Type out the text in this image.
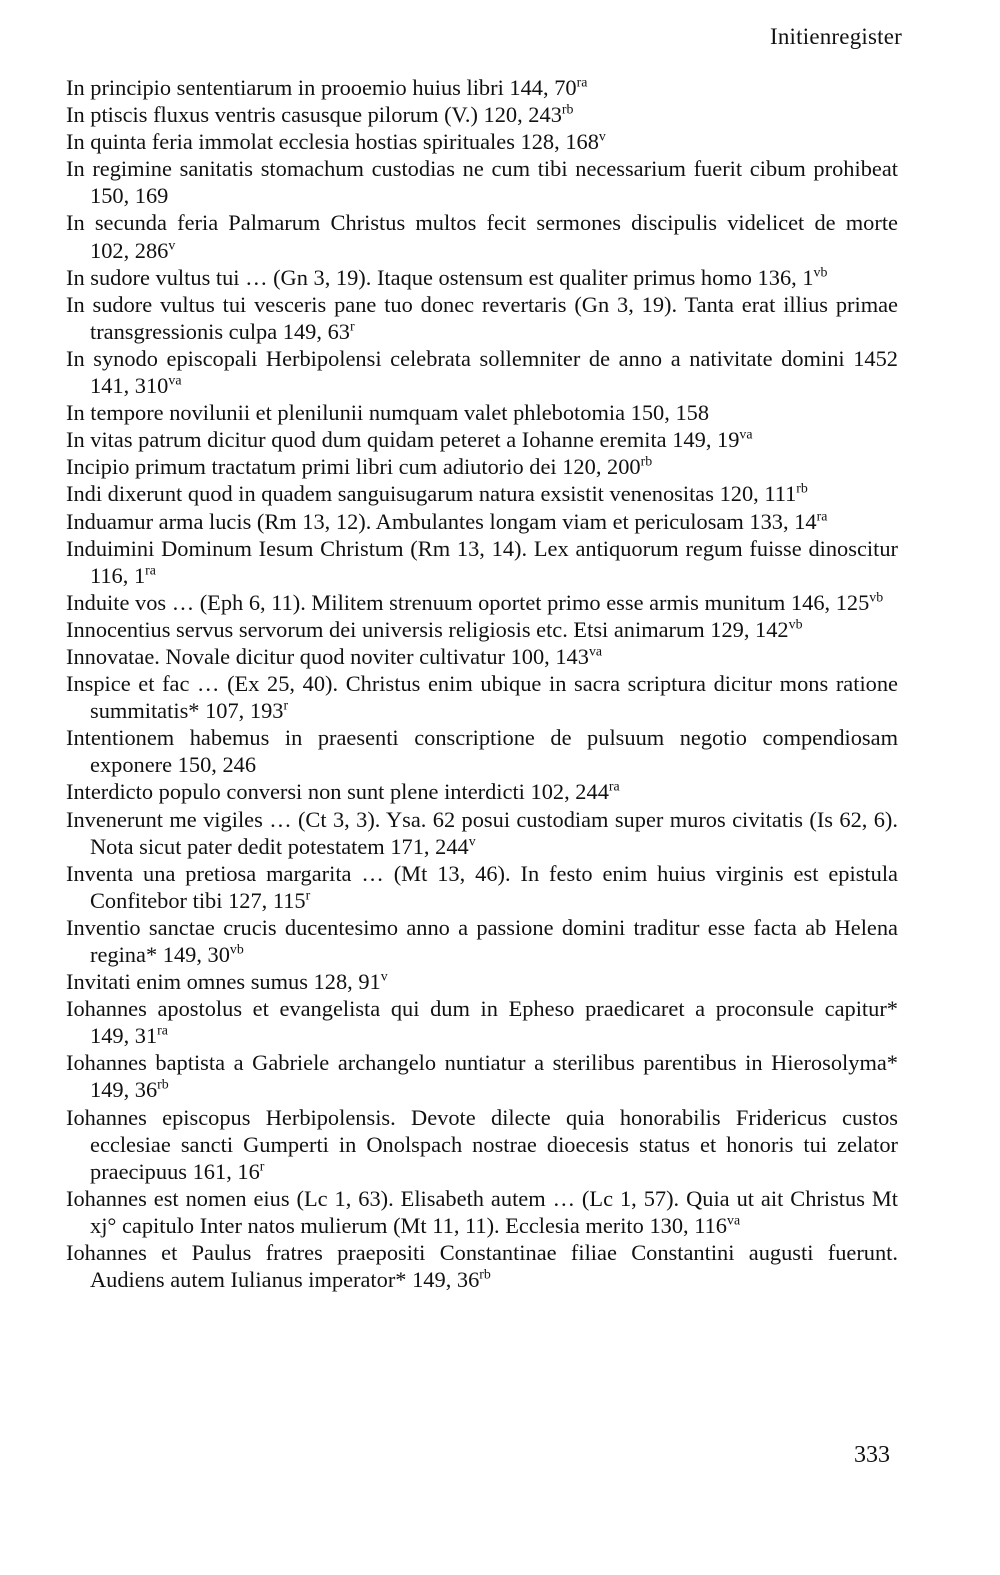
Initienregister
In principio sententiarum in prooemio huius libri 144, $70^{ra}$
In ptiscis fluxus ventris casusque pilorum (V.) 120, $243^{rb}$
In quinta feria immolat ecclesia hostias spirituales 128, 168$^v$
In regimine sanitatis stomachum custodias ne cum tibi necessarium fuerit cibum prohibeat 150, 169
In secunda feria Palmarum Christus multos fecit sermones discipulis videlicet de morte 102, 286$^v$
In sudore vultus tui … (Gn 3, 19). Itaque ostensum est qualiter primus homo 136, $1^{vb}$
In sudore vultus tui vesceris pane tuo donec revertaris (Gn 3, 19). Tanta erat illius primae transgressionis culpa 149, 63$^r$
In synodo episcopali Herbipolensi celebrata sollemniter de anno a nativitate domini 1452 141, $310^{va}$
In tempore novilunii et plenilunii numquam valet phlebotomia 150, 158
In vitas patrum dicitur quod dum quidam peteret a Iohanne eremita 149, $19^{va}$
Incipio primum tractatum primi libri cum adiutorio dei 120, $200^{rb}$
Indi dixerunt quod in quadem sanguisugarum natura exsistit venenositas 120, $111^{rb}$
Induamur arma lucis (Rm 13, 12). Ambulantes longam viam et periculosam 133, $14^{ra}$
Induimini Dominum Iesum Christum (Rm 13, 14). Lex antiquorum regum fuisse dinoscitur 116, $1^{ra}$
Induite vos … (Eph 6, 11). Militem strenuum oportet primo esse armis munitum 146, $125^{vb}$
Innocentius servus servorum dei universis religiosis etc. Etsi animarum 129, $142^{vb}$
Innovatae. Novale dicitur quod noviter cultivatur 100, $143^{va}$
Inspice et fac … (Ex 25, 40). Christus enim ubique in sacra scriptura dicitur mons ratione summitatis* 107, 193$^r$
Intentionem habemus in praesenti conscriptione de pulsuum negotio compendiosam exponere 150, 246
Interdicto populo conversi non sunt plene interdicti 102, $244^{ra}$
Invenerunt me vigiles … (Ct 3, 3). Ysa. 62 posui custodiam super muros civitatis (Is 62, 6). Nota sicut pater dedit potestatem 171, 244$^v$
Inventa una pretiosa margarita … (Mt 13, 46). In festo enim huius virginis est epistula Confitebor tibi 127, 115$^r$
Inventio sanctae crucis ducentesimo anno a passione domini traditur esse facta ab Helena regina* 149, $30^{vb}$
Invitati enim omnes sumus 128, 91$^v$
Iohannes apostolus et evangelista qui dum in Epheso praedicaret a proconsule capitur* 149, $31^{ra}$
Iohannes baptista a Gabriele archangelo nuntiatur a sterilibus parentibus in Hierosolyma* 149, $36^{rb}$
Iohannes episcopus Herbipolensis. Devote dilecte quia honorabilis Fridericus custos ecclesiae sancti Gumperti in Onolspach nostrae dioecesis status et honoris tui zelator praecipuus 161, 16$^r$
Iohannes est nomen eius (Lc 1, 63). Elisabeth autem … (Lc 1, 57). Quia ut ait Christus Mt xj° capitulo Inter natos mulierum (Mt 11, 11). Ecclesia merito 130, $116^{va}$
Iohannes et Paulus fratres praepositi Constantinae filiae Constantini augusti fuerunt. Audiens autem Iulianus imperator* 149, $36^{rb}$
333
